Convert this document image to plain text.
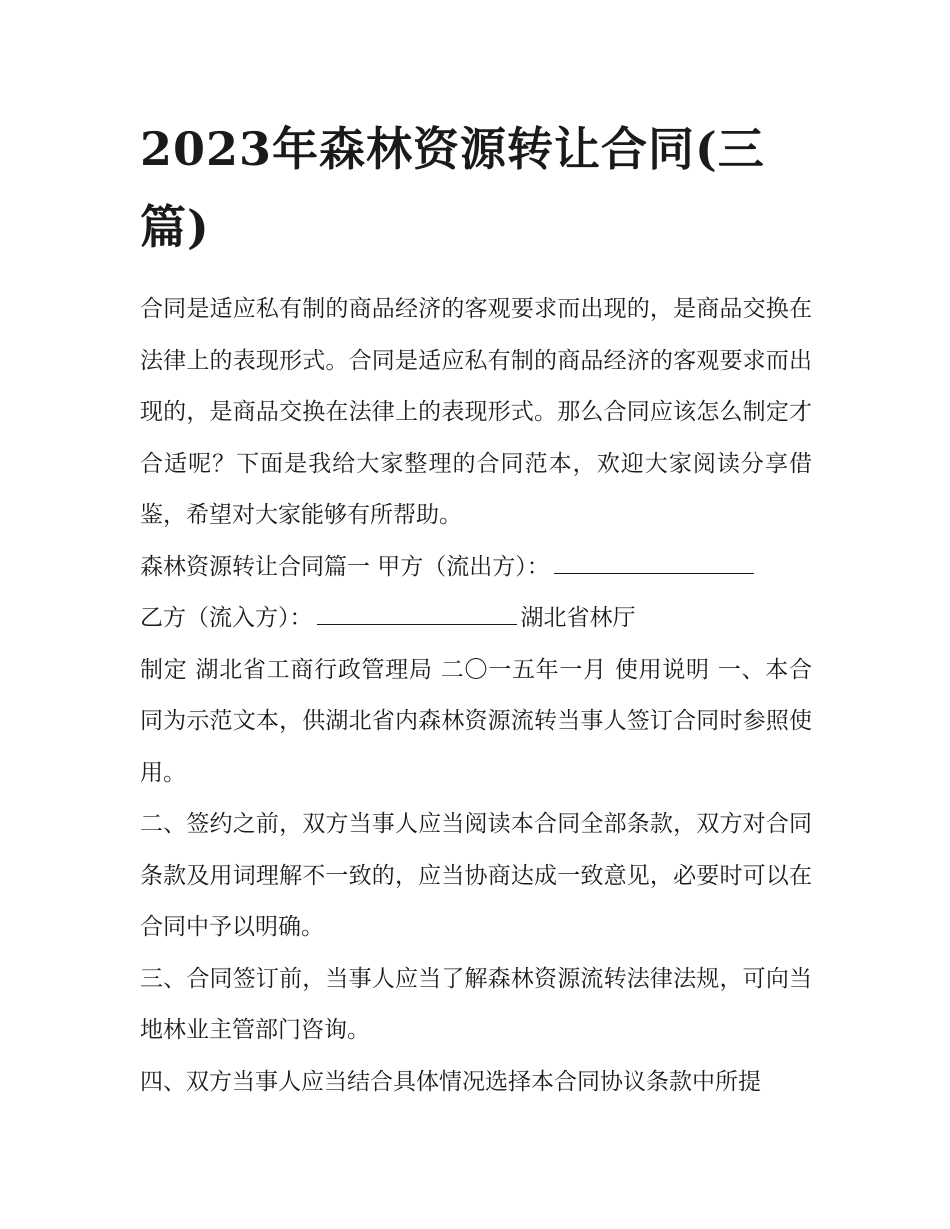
2023年森林资源转让合同(三篇)

合同是适应私有制的商品经济的客观要求而出现的，是商品交换在法律上的表现形式。合同是适应私有制的商品经济的客观要求而出现的，是商品交换在法律上的表现形式。那么合同应该怎么制定才合适呢？下面是我给大家整理的合同范本，欢迎大家阅读分享借鉴，希望对大家能够有所帮助。

森林资源转让合同篇一 甲方（流出方）：

乙方（流入方）：	湖北省林厅

制定 湖北省工商行政管理局 二〇一五年一月 使用说明 一、本合同为示范文本，供湖北省内森林资源流转当事人签订合同时参照使用。

二、签约之前，双方当事人应当阅读本合同全部条款，双方对合同条款及用词理解不一致的，应当协商达成一致意见，必要时可以在合同中予以明确。

三、合同签订前，当事人应当了解森林资源流转法律法规，可向当地林业主管部门咨询。

四、双方当事人应当结合具体情况选择本合同协议条款中所提
